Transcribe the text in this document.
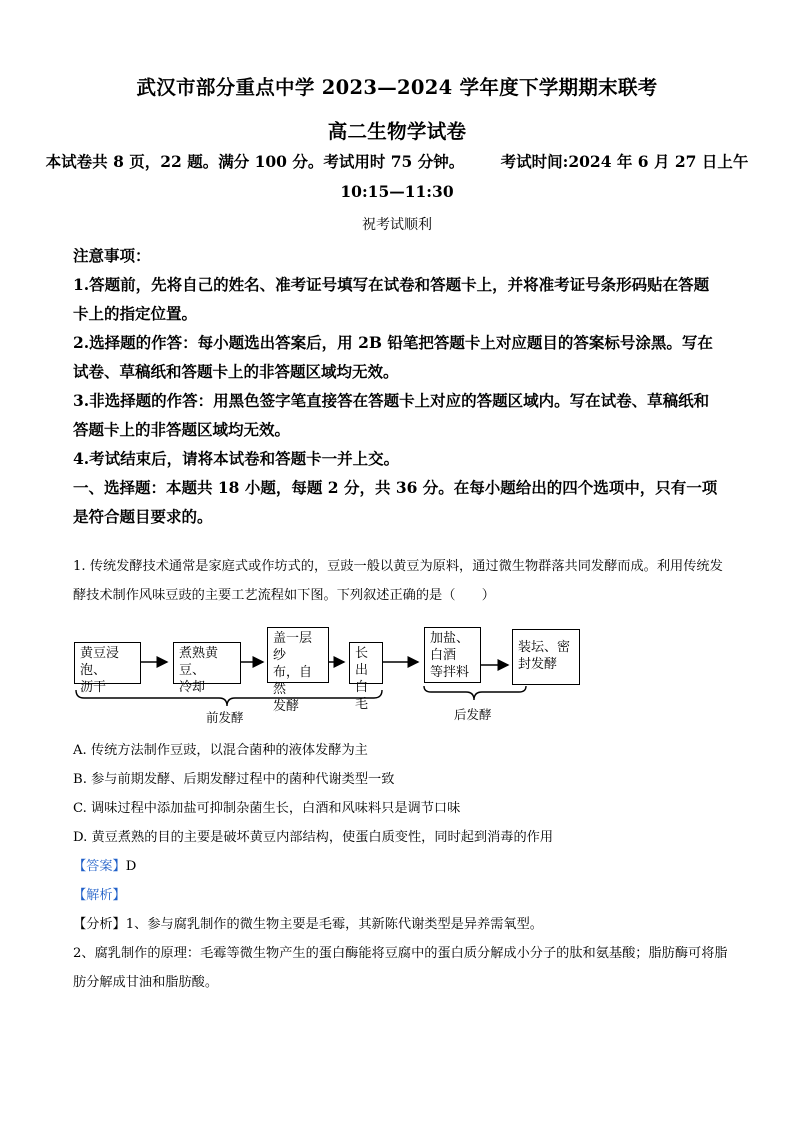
武汉市部分重点中学 2023—2024 学年度下学期期末联考
高二生物学试卷
本试卷共 8 页，22 题。满分 100 分。考试用时 75 分钟。 　　考试时间:2024 年 6 月 27 日上午
10:15—11:30
祝考试顺利

注意事项：

1.答题前，先将自己的姓名、准考证号填写在试卷和答题卡上，并将准考证号条形码贴在答题卡上的指定位置。

2.选择题的作答：每小题选出答案后，用 2B 铅笔把答题卡上对应题目的答案标号涂黑。写在试卷、草稿纸和答题卡上的非答题区域均无效。

3.非选择题的作答：用黑色签字笔直接答在答题卡上对应的答题区域内。写在试卷、草稿纸和答题卡上的非答题区域均无效。

4.考试结束后，请将本试卷和答题卡一并上交。

一、选择题：本题共 18 小题，每题 2 分，共 36 分。在每小题给出的四个选项中，只有一项是符合题目要求的。

1. 传统发酵技术通常是家庭式或作坊式的，豆豉一般以黄豆为原料，通过微生物群落共同发酵而成。利用传统发酵技术制作风味豆豉的主要工艺流程如下图。下列叙述正确的是（　　）

黄豆浸泡、
沥干
煮熟黄豆、
冷却
盖一层纱
布，自然
发酵
长出
白毛
加盐、
白酒
等拌料
装坛、密
封发酵
前发酵	后发酵

A. 传统方法制作豆豉，以混合菌种的液体发酵为主

B. 参与前期发酵、后期发酵过程中的菌种代谢类型一致

C. 调味过程中添加盐可抑制杂菌生长，白酒和风味料只是调节口味

D. 黄豆煮熟的目的主要是破坏黄豆内部结构，使蛋白质变性，同时起到消毒的作用

【答案】D

【解析】

【分析】1、参与腐乳制作的微生物主要是毛霉，其新陈代谢类型是异养需氧型。

2、腐乳制作的原理：毛霉等微生物产生的蛋白酶能将豆腐中的蛋白质分解成小分子的肽和氨基酸；脂肪酶可将脂肪分解成甘油和脂肪酸。
